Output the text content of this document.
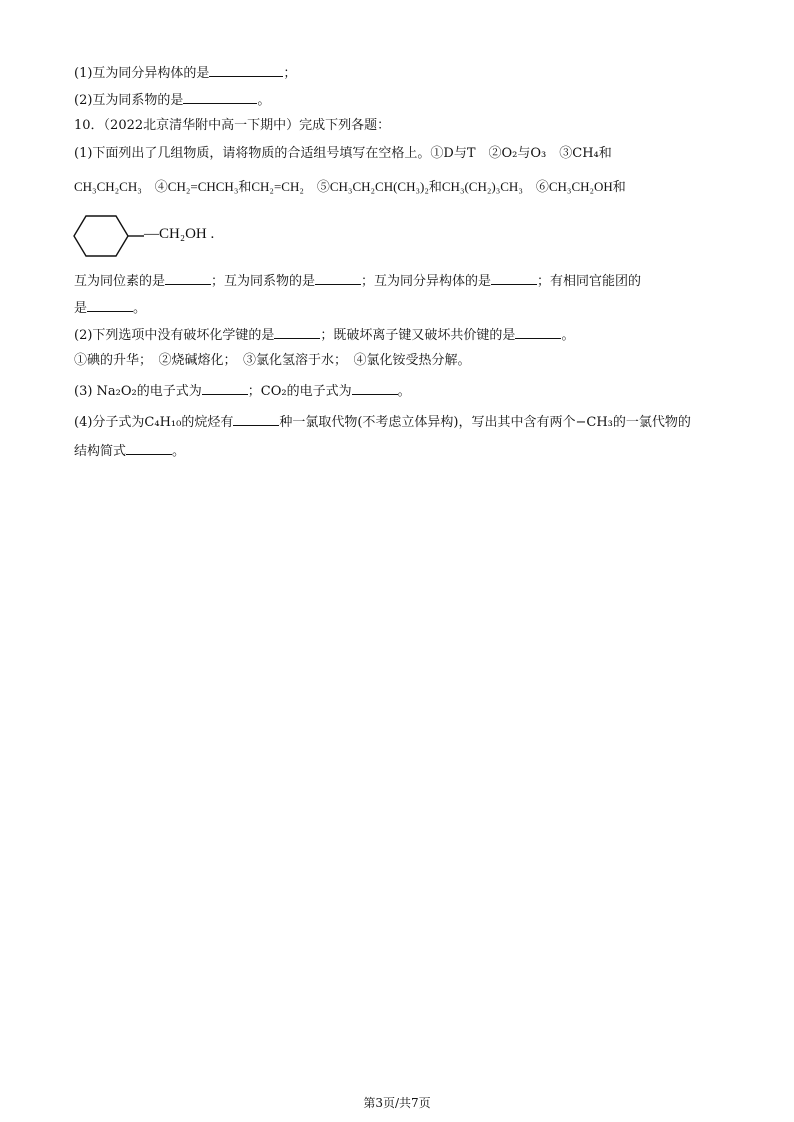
(1)互为同分异构体的是	；
(2)互为同系物的是	。
10．（2022北京清华附中高一下期中）完成下列各题：
(1)下面列出了几组物质，请将物质的合适组号填写在空格上。①D与T　②O₂与O₃　③CH₄和
CH₃CH₂CH₃　④CH₂=CHCH₃和CH₂=CH₂　⑤CH₃CH₂CH(CH₃)₂和CH₃(CH₂)₃CH₃　⑥CH₃CH₂OH和
—CH₂OH .
互为同位素的是	；互为同系物的是	；互为同分异构体的是	；有相同官能团的
是	。
(2)下列选项中没有破坏化学键的是	；既破坏离子键又破坏共价键的是	。
①碘的升华；　②烧碱熔化；　③氯化氢溶于水；　④氯化铵受热分解。
(3) Na₂O₂的电子式为	；CO₂的电子式为	。
(4)分子式为C₄H₁₀的烷烃有	种一氯取代物(不考虑立体异构)，写出其中含有两个−CH₃的一氯代物的
结构简式	。
第3页/共7页
